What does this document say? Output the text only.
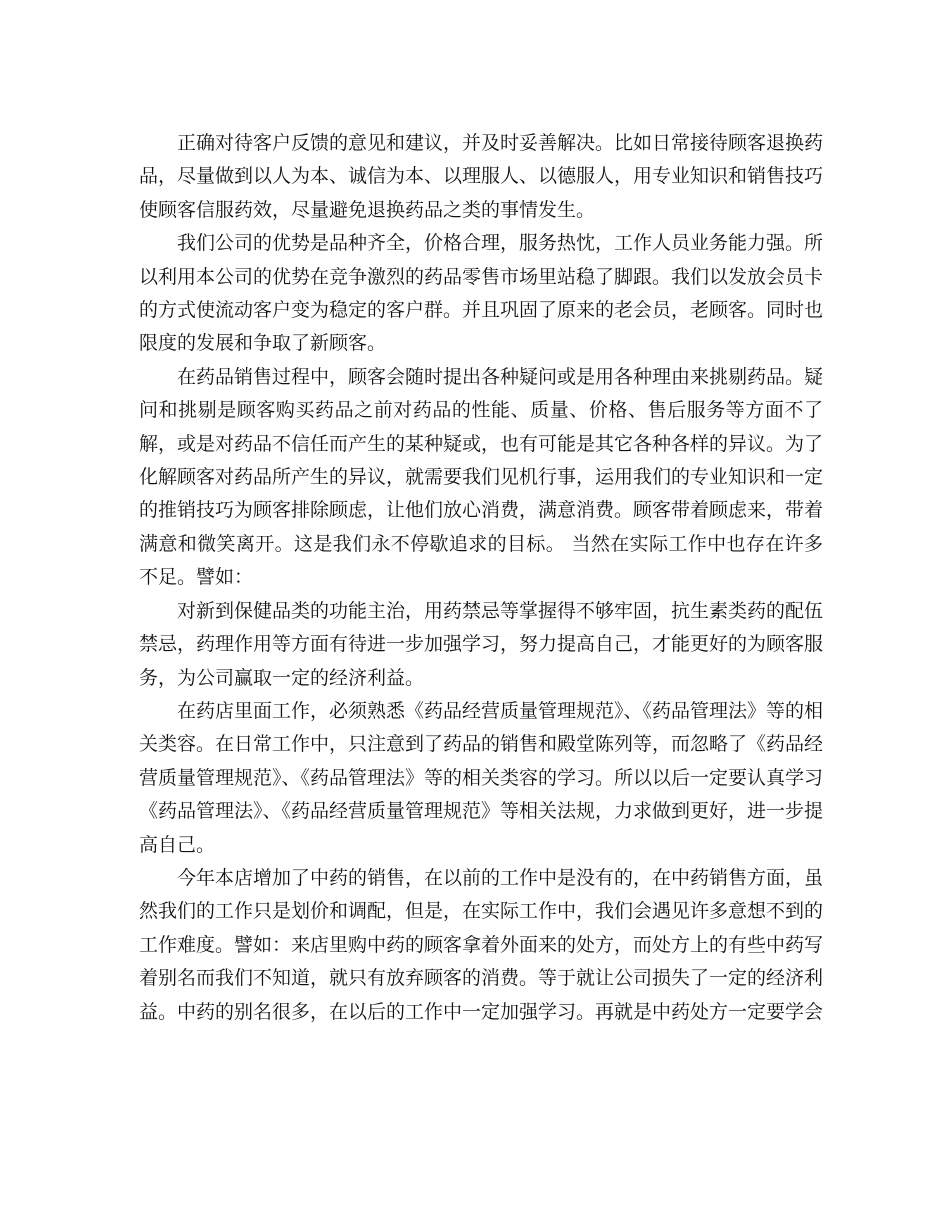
正确对待客户反馈的意见和建议，并及时妥善解决。比如日常接待顾客退换药品，尽量做到以人为本、诚信为本、以理服人、以德服人，用专业知识和销售技巧使顾客信服药效，尽量避免退换药品之类的事情发生。

我们公司的优势是品种齐全，价格合理，服务热忱，工作人员业务能力强。所以利用本公司的优势在竞争激烈的药品零售市场里站稳了脚跟。我们以发放会员卡的方式使流动客户变为稳定的客户群。并且巩固了原来的老会员，老顾客。同时也限度的发展和争取了新顾客。

在药品销售过程中，顾客会随时提出各种疑问或是用各种理由来挑剔药品。疑问和挑剔是顾客购买药品之前对药品的性能、质量、价格、售后服务等方面不了解，或是对药品不信任而产生的某种疑或，也有可能是其它各种各样的异议。为了化解顾客对药品所产生的异议，就需要我们见机行事，运用我们的专业知识和一定的推销技巧为顾客排除顾虑，让他们放心消费，满意消费。顾客带着顾虑来，带着满意和微笑离开。这是我们永不停歇追求的目标。 当然在实际工作中也存在许多不足。譬如：

对新到保健品类的功能主治，用药禁忌等掌握得不够牢固，抗生素类药的配伍禁忌，药理作用等方面有待进一步加强学习，努力提高自己，才能更好的为顾客服务，为公司赢取一定的经济利益。

在药店里面工作，必须熟悉《药品经营质量管理规范》、《药品管理法》等的相关类容。在日常工作中，只注意到了药品的销售和殿堂陈列等，而忽略了《药品经营质量管理规范》、《药品管理法》等的相关类容的学习。所以以后一定要认真学习《药品管理法》、《药品经营质量管理规范》等相关法规，力求做到更好，进一步提高自己。

今年本店增加了中药的销售，在以前的工作中是没有的，在中药销售方面，虽然我们的工作只是划价和调配，但是，在实际工作中，我们会遇见许多意想不到的工作难度。譬如：来店里购中药的顾客拿着外面来的处方，而处方上的有些中药写着别名而我们不知道，就只有放弃顾客的消费。等于就让公司损失了一定的经济利益。中药的别名很多，在以后的工作中一定加强学习。再就是中药处方一定要学会
